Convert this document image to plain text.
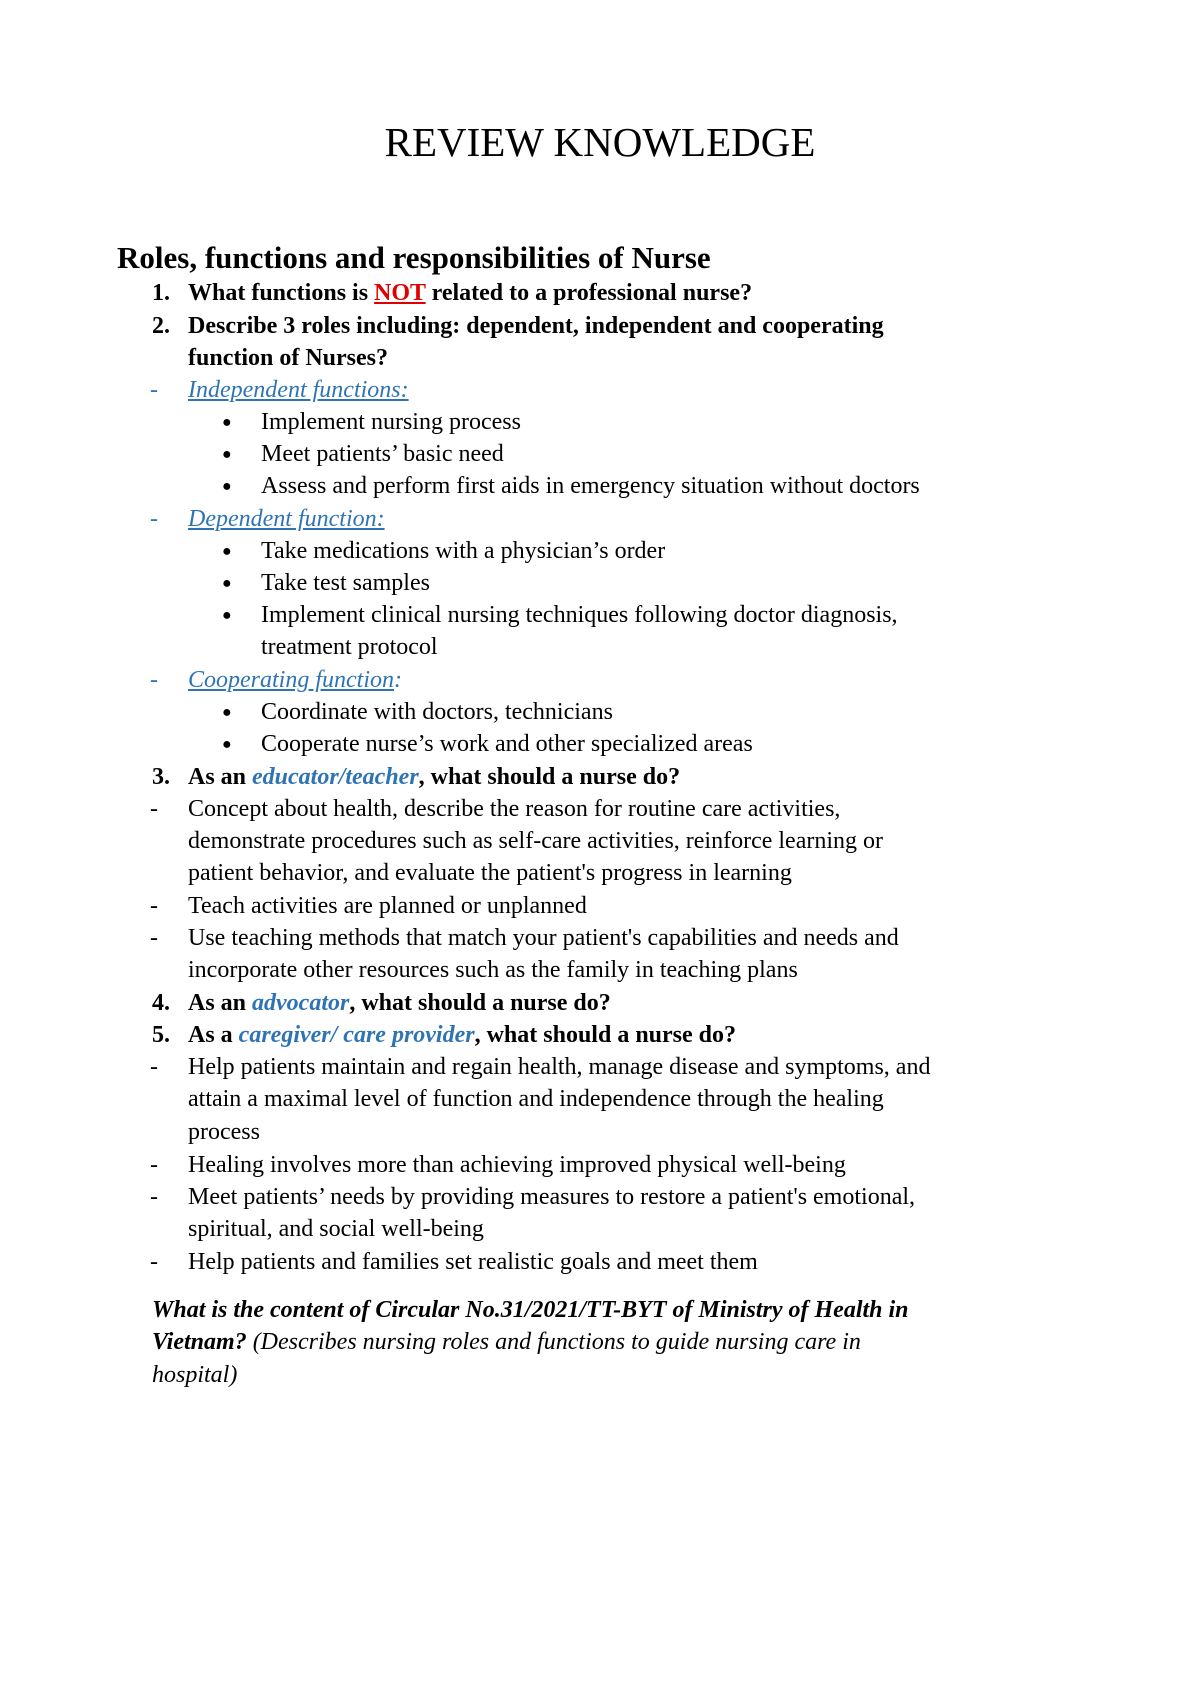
REVIEW KNOWLEDGE
Roles, functions and responsibilities of Nurse
1. What functions is NOT related to a professional nurse?
2. Describe 3 roles including: dependent, independent and cooperating
function of Nurses?
- Independent functions:
● Implement nursing process
● Meet patients’ basic need
● Assess and perform first aids in emergency situation without doctors
- Dependent function:
● Take medications with a physician’s order
● Take test samples
● Implement clinical nursing techniques following doctor diagnosis,
treatment protocol
- Cooperating function:
● Coordinate with doctors, technicians
● Cooperate nurse’s work and other specialized areas
3. As an educator/teacher, what should a nurse do?
- Concept about health, describe the reason for routine care activities,
demonstrate procedures such as self-care activities, reinforce learning or
patient behavior, and evaluate the patient's progress in learning
- Teach activities are planned or unplanned
- Use teaching methods that match your patient's capabilities and needs and
incorporate other resources such as the family in teaching plans
4. As an advocator, what should a nurse do?
5. As a caregiver/ care provider, what should a nurse do?
- Help patients maintain and regain health, manage disease and symptoms, and
attain a maximal level of function and independence through the healing
process
- Healing involves more than achieving improved physical well-being
- Meet patients’ needs by providing measures to restore a patient's emotional,
spiritual, and social well-being
- Help patients and families set realistic goals and meet them
What is the content of Circular No.31/2021/TT-BYT of Ministry of Health in
Vietnam? (Describes nursing roles and functions to guide nursing care in
hospital)
